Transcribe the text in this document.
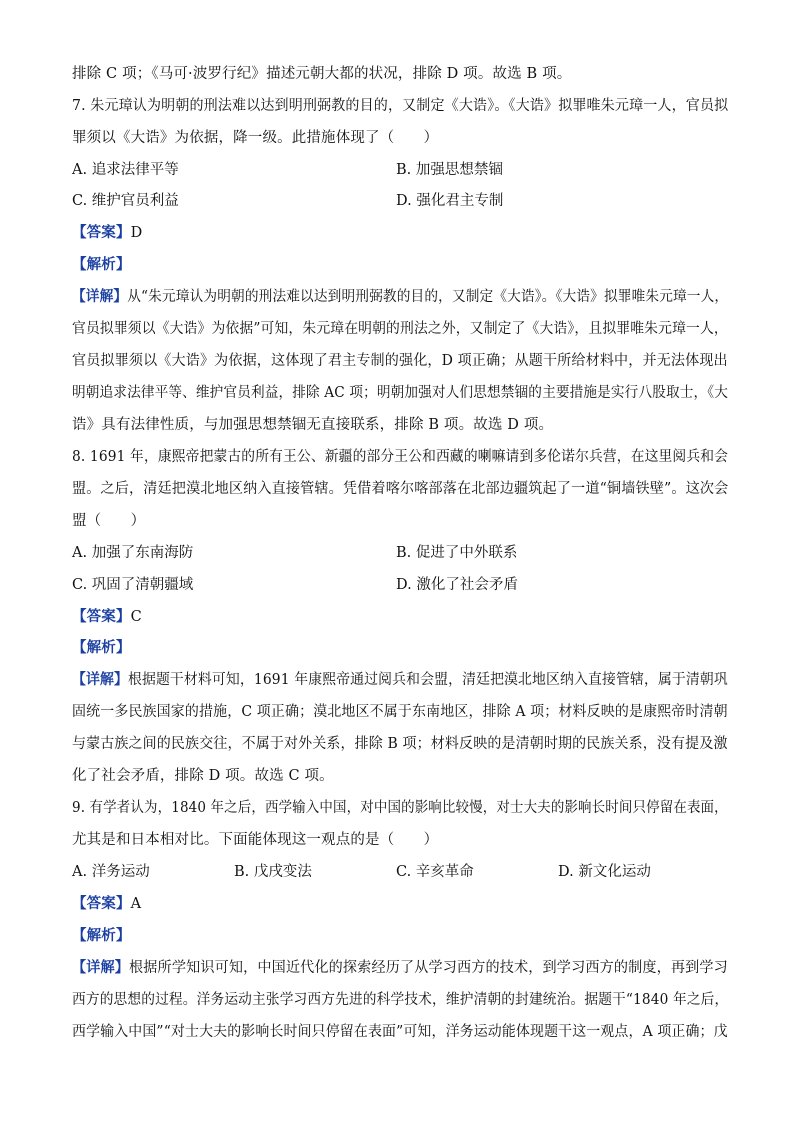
排除 C 项；《马可·波罗行纪》描述元朝大都的状况，排除 D 项。故选 B 项。
7. 朱元璋认为明朝的刑法难以达到明刑弼教的目的，又制定《大诰》。《大诰》拟罪唯朱元璋一人，官员拟
罪须以《大诰》为依据，降一级。此措施体现了（　　）
A. 追求法律平等	B. 加强思想禁锢
C. 维护官员利益	D. 强化君主专制
【答案】D
【解析】
【详解】从“朱元璋认为明朝的刑法难以达到明刑弼教的目的，又制定《大诰》。《大诰》拟罪唯朱元璋一人，
官员拟罪须以《大诰》为依据”可知，朱元璋在明朝的刑法之外，又制定了《大诰》，且拟罪唯朱元璋一人，
官员拟罪须以《大诰》为依据，这体现了君主专制的强化，D 项正确；从题干所给材料中，并无法体现出
明朝追求法律平等、维护官员利益，排除 AC 项；明朝加强对人们思想禁锢的主要措施是实行八股取士，《大
诰》具有法律性质，与加强思想禁锢无直接联系，排除 B 项。故选 D 项。
8. 1691 年，康熙帝把蒙古的所有王公、新疆的部分王公和西藏的喇嘛请到多伦诺尔兵营，在这里阅兵和会
盟。之后，清廷把漠北地区纳入直接管辖。凭借着喀尔喀部落在北部边疆筑起了一道“铜墙铁壁”。这次会
盟（　　）
A. 加强了东南海防	B. 促进了中外联系
C. 巩固了清朝疆域	D. 激化了社会矛盾
【答案】C
【解析】
【详解】根据题干材料可知，1691 年康熙帝通过阅兵和会盟，清廷把漠北地区纳入直接管辖，属于清朝巩
固统一多民族国家的措施，C 项正确；漠北地区不属于东南地区，排除 A 项；材料反映的是康熙帝时清朝
与蒙古族之间的民族交往，不属于对外关系，排除 B 项；材料反映的是清朝时期的民族关系，没有提及激
化了社会矛盾，排除 D 项。故选 C 项。
9. 有学者认为，1840 年之后，西学输入中国，对中国的影响比较慢，对士大夫的影响长时间只停留在表面，
尤其是和日本相对比。下面能体现这一观点的是（　　）
A. 洋务运动	B. 戊戌变法	C. 辛亥革命	D. 新文化运动
【答案】A
【解析】
【详解】根据所学知识可知，中国近代化的探索经历了从学习西方的技术，到学习西方的制度，再到学习
西方的思想的过程。洋务运动主张学习西方先进的科学技术，维护清朝的封建统治。据题干“1840 年之后，
西学输入中国”“对士大夫的影响长时间只停留在表面”可知，洋务运动能体现题干这一观点，A 项正确；戊
